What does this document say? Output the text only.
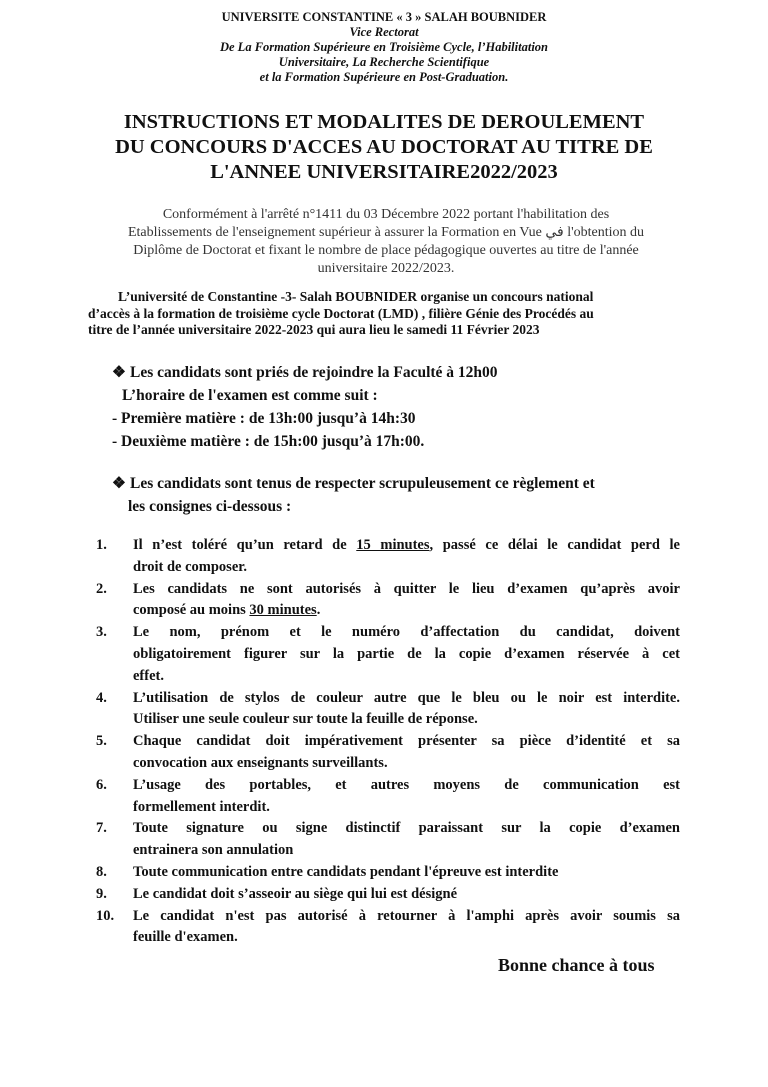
UNIVERSITE CONSTANTINE « 3 » SALAH BOUBNIDER
Vice Rectorat
De La Formation Supérieure en Troisième Cycle, l’Habilitation
Universitaire, La Recherche Scientifique
et la Formation Supérieure en Post-Graduation.
INSTRUCTIONS ET MODALITES DE DEROULEMENT
DU CONCOURS D'ACCES AU DOCTORAT AU TITRE DE
L'ANNEE UNIVERSITAIRE2022/2023
Conformément à l'arrêté n°1411 du 03 Décembre 2022 portant l'habilitation des
Etablissements de l'enseignement supérieur à assurer la Formation en Vue في l'obtention du
Diplôme de Doctorat et fixant le nombre de place pédagogique ouvertes au titre de l'année
universitaire 2022/2023.
L’université de Constantine -3- Salah BOUBNIDER organise un concours national
d’accès à la formation de troisième cycle Doctorat (LMD) , filière Génie des Procédés au
titre de l’année universitaire 2022-2023 qui aura lieu le samedi 11 Février 2023
❖ Les candidats sont priés de rejoindre la Faculté à 12h00
L’horaire de l'examen est comme suit :
- Première matière : de 13h:00 jusqu’à 14h:30
- Deuxième matière : de 15h:00 jusqu’à 17h:00.
❖ Les candidats sont tenus de respecter scrupuleusement ce règlement et
les consignes ci-dessous :
1.	Il n’est toléré qu’un retard de 15 minutes, passé ce délai le candidat perd le
droit de composer.
2.	Les candidats ne sont autorisés à quitter le lieu d’examen qu’après avoir
composé au moins 30 minutes.
3.	Le nom, prénom et le numéro d’affectation du candidat, doivent
obligatoirement figurer sur la partie de la copie d’examen réservée à cet
effet.
4.	L’utilisation de stylos de couleur autre que le bleu ou le noir est interdite.
Utiliser une seule couleur sur toute la feuille de réponse.
5.	Chaque candidat doit impérativement présenter sa pièce d’identité et sa
convocation aux enseignants surveillants.
6.	L’usage des portables, et autres moyens de communication est
formellement interdit.
7.	Toute signature ou signe distinctif paraissant sur la copie d’examen
entrainera son annulation
8.	Toute communication entre candidats pendant l'épreuve est interdite
9.	Le candidat doit s’asseoir au siège qui lui est désigné
10.	Le candidat n'est pas autorisé à retourner à l'amphi après avoir soumis sa
feuille d'examen.
Bonne chance à tous
